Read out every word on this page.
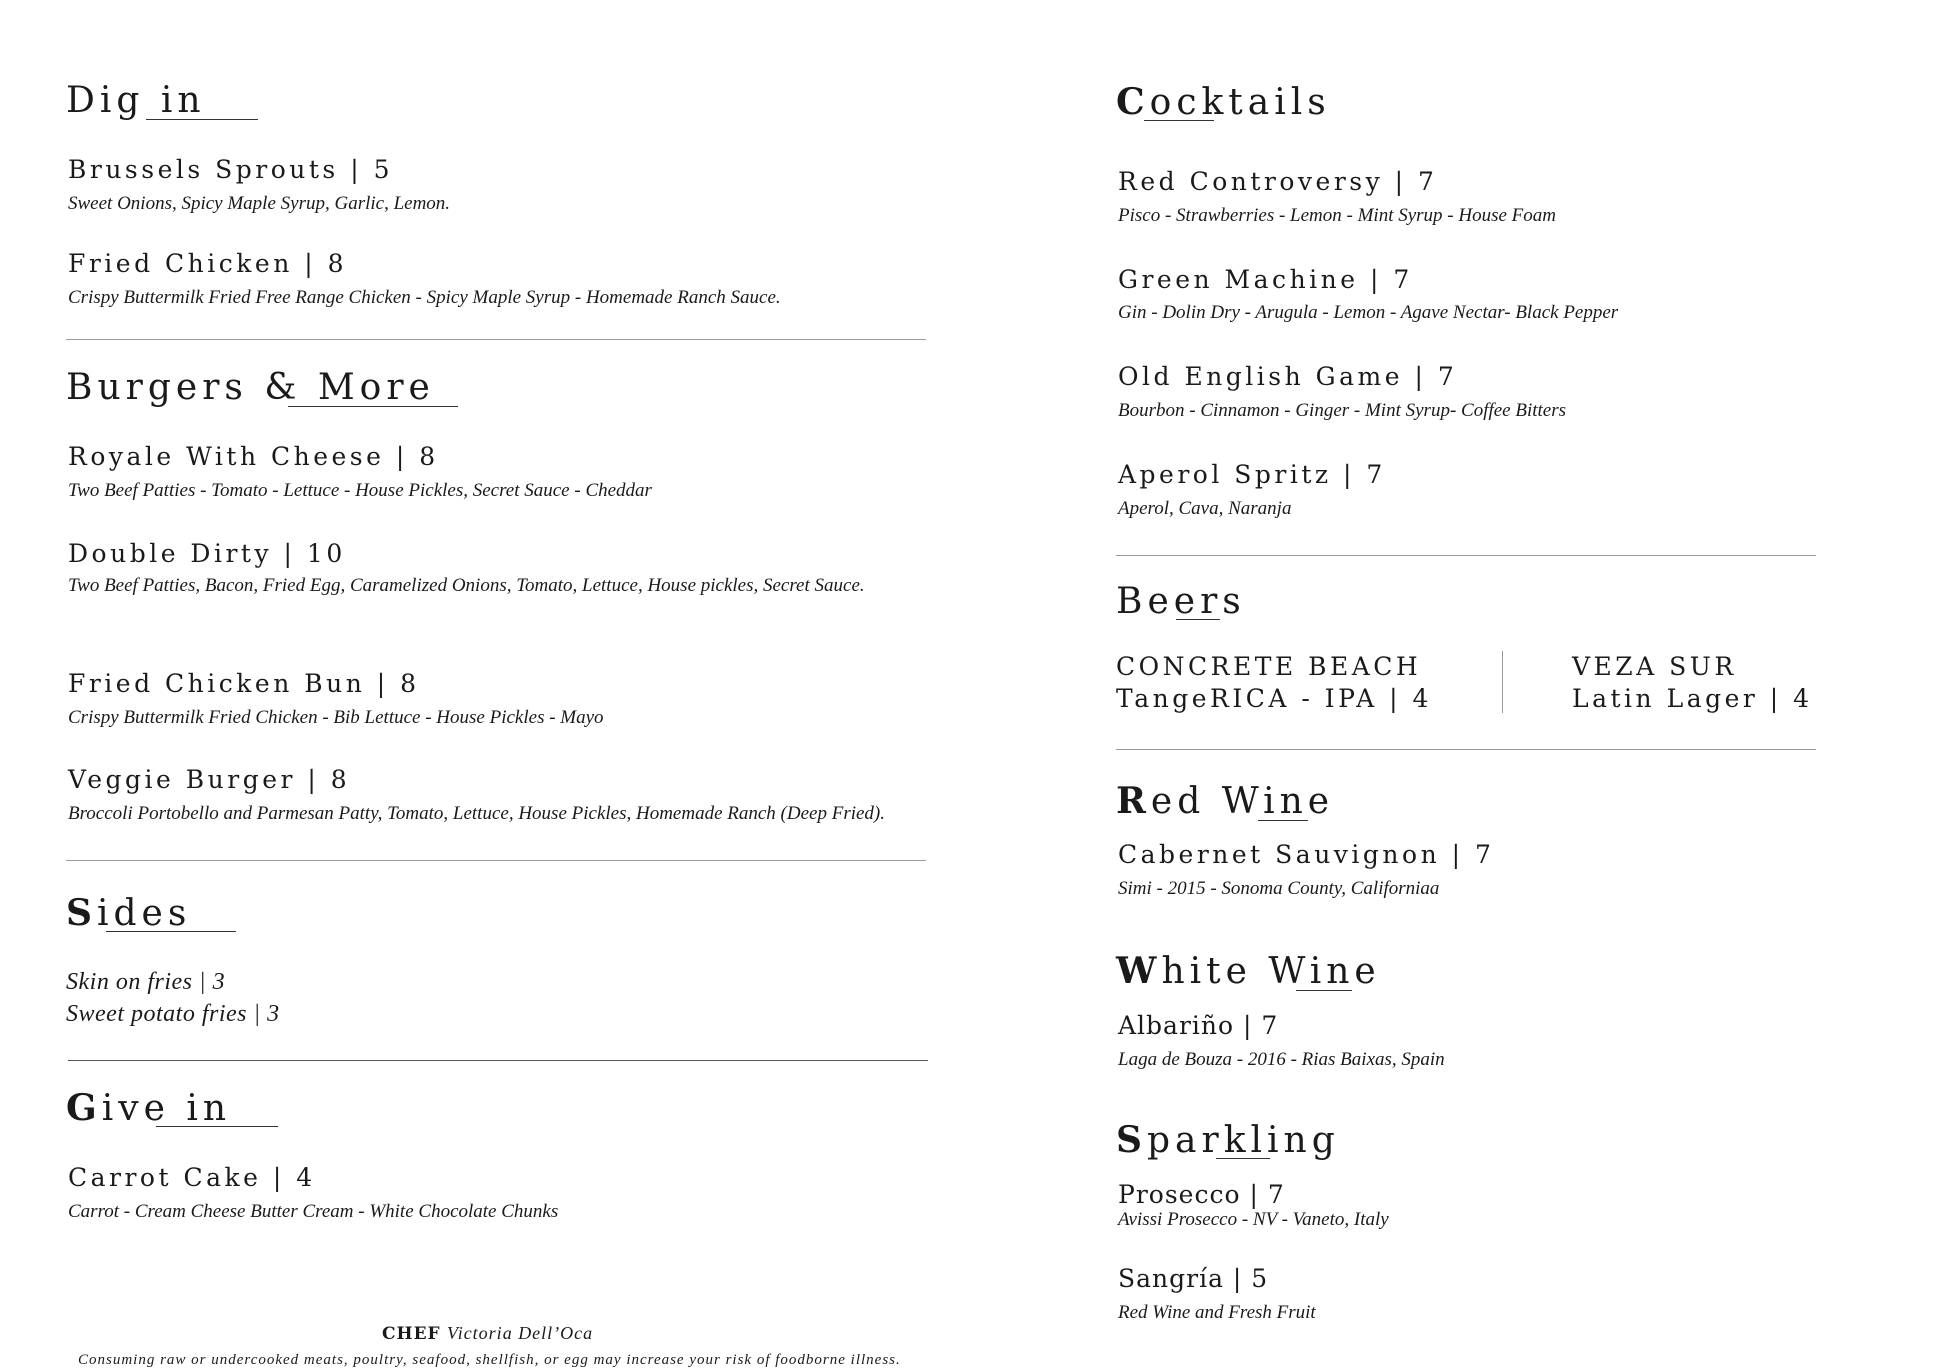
Dig in
Brussels Sprouts | 5
Sweet Onions, Spicy Maple Syrup, Garlic, Lemon.
Fried Chicken | 8
Crispy Buttermilk Fried Free Range Chicken - Spicy Maple Syrup - Homemade Ranch Sauce.
Burgers & More
Royale With Cheese | 8
Two Beef Patties - Tomato - Lettuce - House Pickles, Secret Sauce - Cheddar
Double Dirty | 10
Two Beef Patties, Bacon, Fried Egg, Caramelized Onions, Tomato, Lettuce, House pickles, Secret Sauce.
Fried Chicken Bun | 8
Crispy Buttermilk Fried Chicken - Bib Lettuce - House Pickles - Mayo
Veggie Burger | 8
Broccoli Portobello and Parmesan Patty, Tomato, Lettuce, House Pickles, Homemade Ranch (Deep Fried).
Sides
Skin on fries | 3
Sweet potato fries | 3
Give in
Carrot Cake | 4
Carrot - Cream Cheese Butter Cream - White Chocolate Chunks
CHEF Victoria Dell’Oca
Consuming raw or undercooked meats, poultry, seafood, shellfish, or egg may increase your risk of foodborne illness.
Cocktails
Red Controversy | 7
Pisco - Strawberries - Lemon - Mint Syrup - House Foam
Green Machine | 7
Gin - Dolin Dry - Arugula - Lemon - Agave Nectar- Black Pepper
Old English Game | 7
Bourbon - Cinnamon - Ginger - Mint Syrup- Coffee Bitters
Aperol Spritz | 7
Aperol, Cava, Naranja
Beers
CONCRETE BEACH
TangeRICA - IPA | 4
VEZA SUR
Latin Lager | 4
Red Wine
Cabernet Sauvignon | 7
Simi - 2015 - Sonoma County, Californiaa
White Wine
Albariño | 7
Laga de Bouza - 2016 - Rias Baixas, Spain
Sparkling
Prosecco | 7
Avissi Prosecco - NV - Vaneto, Italy
Sangría | 5
Red Wine and Fresh Fruit
